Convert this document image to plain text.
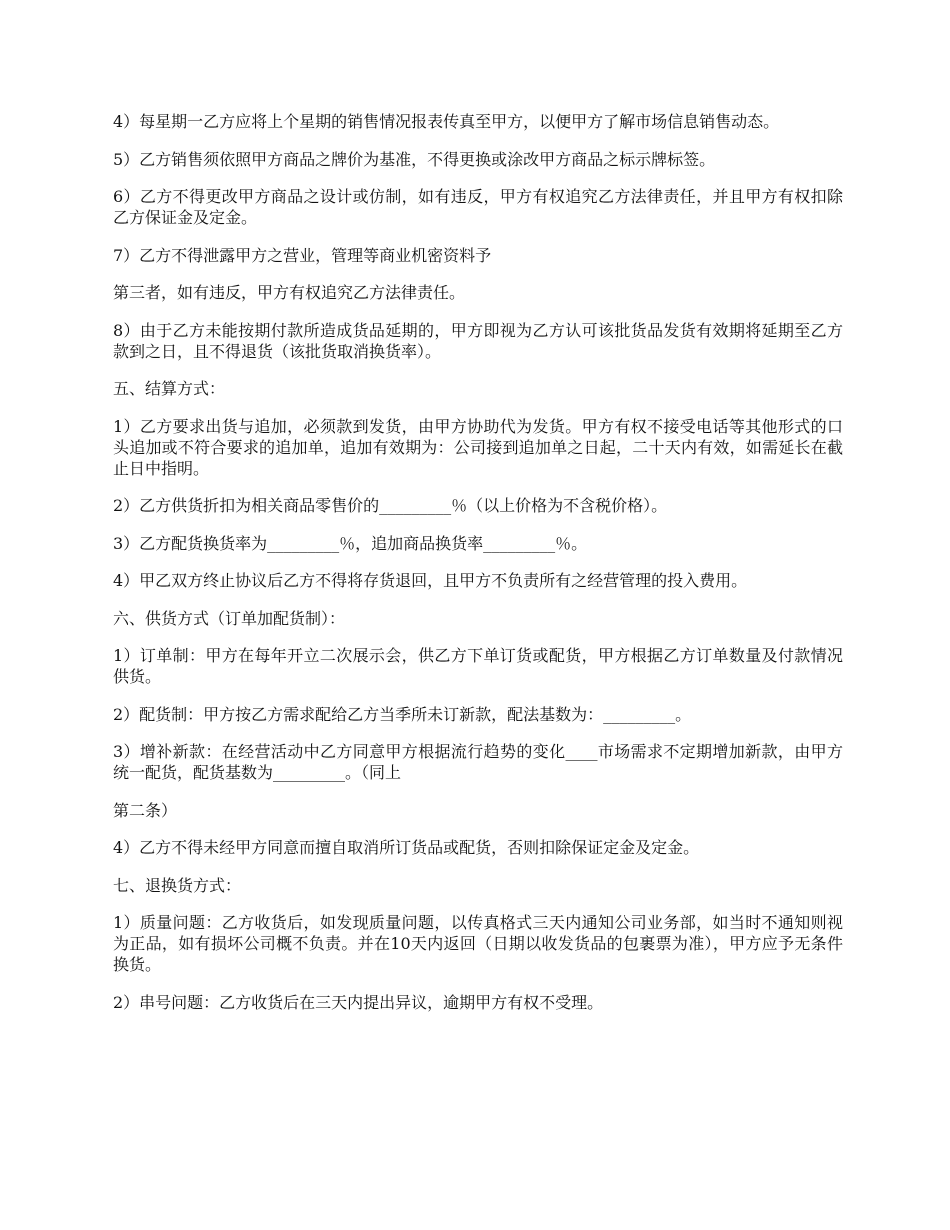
4）每星期一乙方应将上个星期的销售情况报表传真至甲方，以便甲方了解市场信息销售动态。

5）乙方销售须依照甲方商品之牌价为基准，不得更换或涂改甲方商品之标示牌标签。

6）乙方不得更改甲方商品之设计或仿制，如有违反，甲方有权追究乙方法律责任，并且甲方有权扣除乙方保证金及定金。

7）乙方不得泄露甲方之营业，管理等商业机密资料予

第三者，如有违反，甲方有权追究乙方法律责任。

8）由于乙方未能按期付款所造成货品延期的，甲方即视为乙方认可该批货品发货有效期将延期至乙方款到之日，且不得退货（该批货取消换货率）。

五、结算方式：

1）乙方要求出货与追加，必须款到发货，由甲方协助代为发货。甲方有权不接受电话等其他形式的口头追加或不符合要求的追加单，追加有效期为：公司接到追加单之日起，二十天内有效，如需延长在截止日中指明。

2）乙方供货折扣为相关商品零售价的_________％（以上价格为不含税价格）。

3）乙方配货换货率为_________％，追加商品换货率_________％。

4）甲乙双方终止协议后乙方不得将存货退回，且甲方不负责所有之经营管理的投入费用。

六、供货方式（订单加配货制）：

1）订单制：甲方在每年开立二次展示会，供乙方下单订货或配货，甲方根据乙方订单数量及付款情况供货。

2）配货制：甲方按乙方需求配给乙方当季所未订新款，配法基数为：_________。

3）增补新款：在经营活动中乙方同意甲方根据流行趋势的变化____市场需求不定期增加新款，由甲方统一配货，配货基数为_________。（同上

第二条）

4）乙方不得未经甲方同意而擅自取消所订货品或配货，否则扣除保证定金及定金。

七、退换货方式：

1）质量问题：乙方收货后，如发现质量问题，以传真格式三天内通知公司业务部，如当时不通知则视为正品，如有损坏公司概不负责。并在10天内返回（日期以收发货品的包裹票为准），甲方应予无条件换货。

2）串号问题：乙方收货后在三天内提出异议，逾期甲方有权不受理。
